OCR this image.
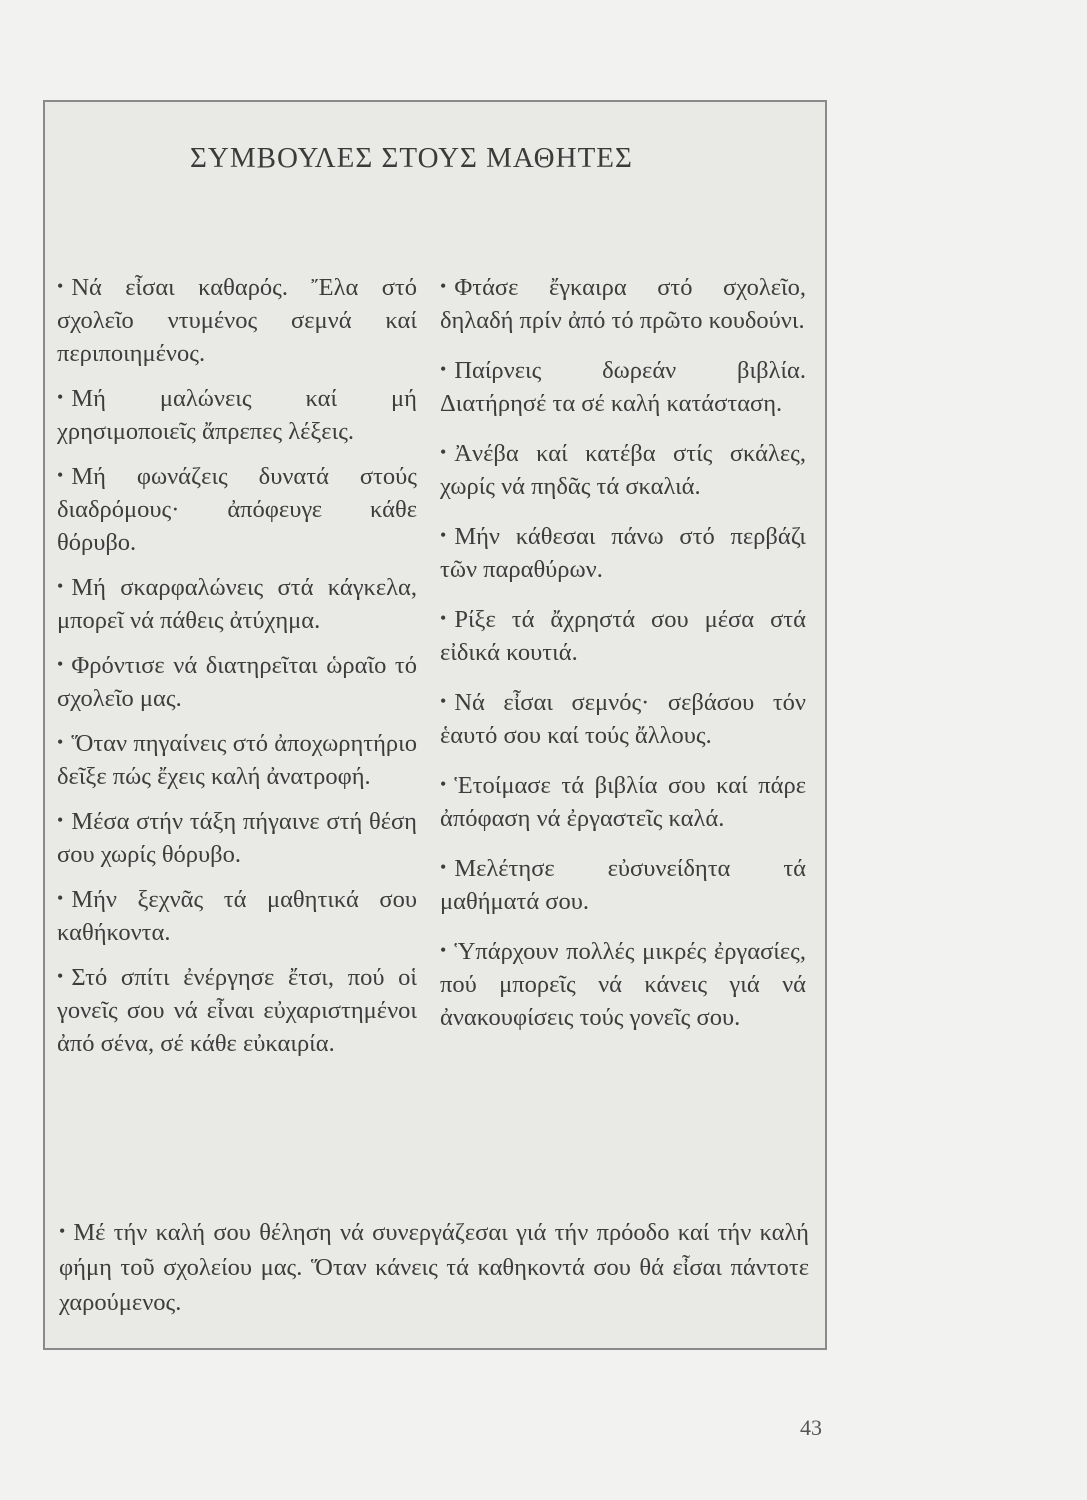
ΣΥΜΒΟΥΛΕΣ ΣΤΟΥΣ ΜΑΘΗΤΕΣ

• Νά εἶσαι καθαρός. Ἔλα στό σχολεῖο ντυμένος σεμνά καί περιποιημένος.

• Μή μαλώνεις καί μή χρησιμοποιεῖς ἄπρεπες λέξεις.

• Μή φωνάζεις δυνατά στούς διαδρόμους· ἀπόφευγε κάθε θόρυβο.

• Μή σκαρφαλώνεις στά κάγκελα, μπορεῖ νά πάθεις ἀτύχημα.

• Φρόντισε νά διατηρεῖται ὡραῖο τό σχολεῖο μας.

• Ὅταν πηγαίνεις στό ἀποχωρητήριο δεῖξε πώς ἔχεις καλή ἀνατροφή.

• Μέσα στήν τάξη πήγαινε στή θέση σου χωρίς θόρυβο.

• Μήν ξεχνᾶς τά μαθητικά σου καθήκοντα.

• Στό σπίτι ἐνέργησε ἔτσι, πού οἱ γονεῖς σου νά εἶναι εὐχαριστημένοι ἀπό σένα, σέ κάθε εὐκαιρία.

• Φτάσε ἔγκαιρα στό σχολεῖο, δηλαδή πρίν ἀπό τό πρῶτο κουδούνι.

• Παίρνεις δωρεάν βιβλία. Διατήρησέ τα σέ καλή κατάσταση.

• Ἀνέβα καί κατέβα στίς σκάλες, χωρίς νά πηδᾶς τά σκαλιά.

• Μήν κάθεσαι πάνω στό περβάζι τῶν παραθύρων.

• Ρίξε τά ἄχρηστά σου μέσα στά εἰδικά κουτιά.

• Νά εἶσαι σεμνός· σεβάσου τόν ἑαυτό σου καί τούς ἄλλους.

• Ἑτοίμασε τά βιβλία σου καί πάρε ἀπόφαση νά ἐργαστεῖς καλά.

• Μελέτησε εὐσυνείδητα τά μαθήματά σου.

• Ὑπάρχουν πολλές μικρές ἐργασίες, πού μπορεῖς νά κάνεις γιά νά ἀνακουφίσεις τούς γονεῖς σου.

• Μέ τήν καλή σου θέληση νά συνεργάζεσαι γιά τήν πρόοδο καί τήν καλή φήμη τοῦ σχολείου μας. Ὅταν κάνεις τά καθηκοντά σου θά εἶσαι πάντοτε χαρούμενος.

43
